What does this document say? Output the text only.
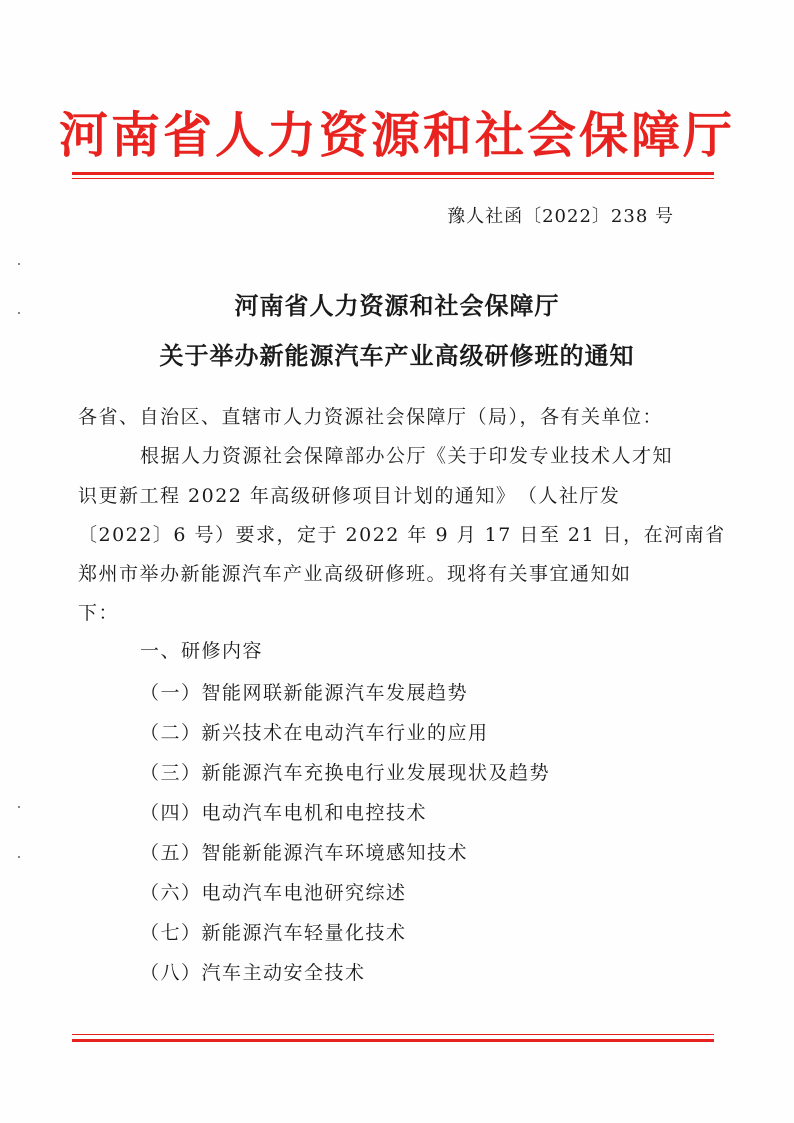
河南省人力资源和社会保障厅
豫人社函〔2022〕238 号
河南省人力资源和社会保障厅
关于举办新能源汽车产业高级研修班的通知
各省、自治区、直辖市人力资源社会保障厅（局），各有关单位：
根据人力资源社会保障部办公厅《关于印发专业技术人才知
识更新工程 2022 年高级研修项目计划的通知》　（人社厅发
〔2022〕6 号）要求，定于 2022 年 9 月 17 日至 21 日，在河南省
郑州市举办新能源汽车产业高级研修班。现将有关事宜通知如
下：
一、研修内容
（一）智能网联新能源汽车发展趋势
（二）新兴技术在电动汽车行业的应用
（三）新能源汽车充换电行业发展现状及趋势
（四）电动汽车电机和电控技术
（五）智能新能源汽车环境感知技术
（六）电动汽车电池研究综述
（七）新能源汽车轻量化技术
（八）汽车主动安全技术
